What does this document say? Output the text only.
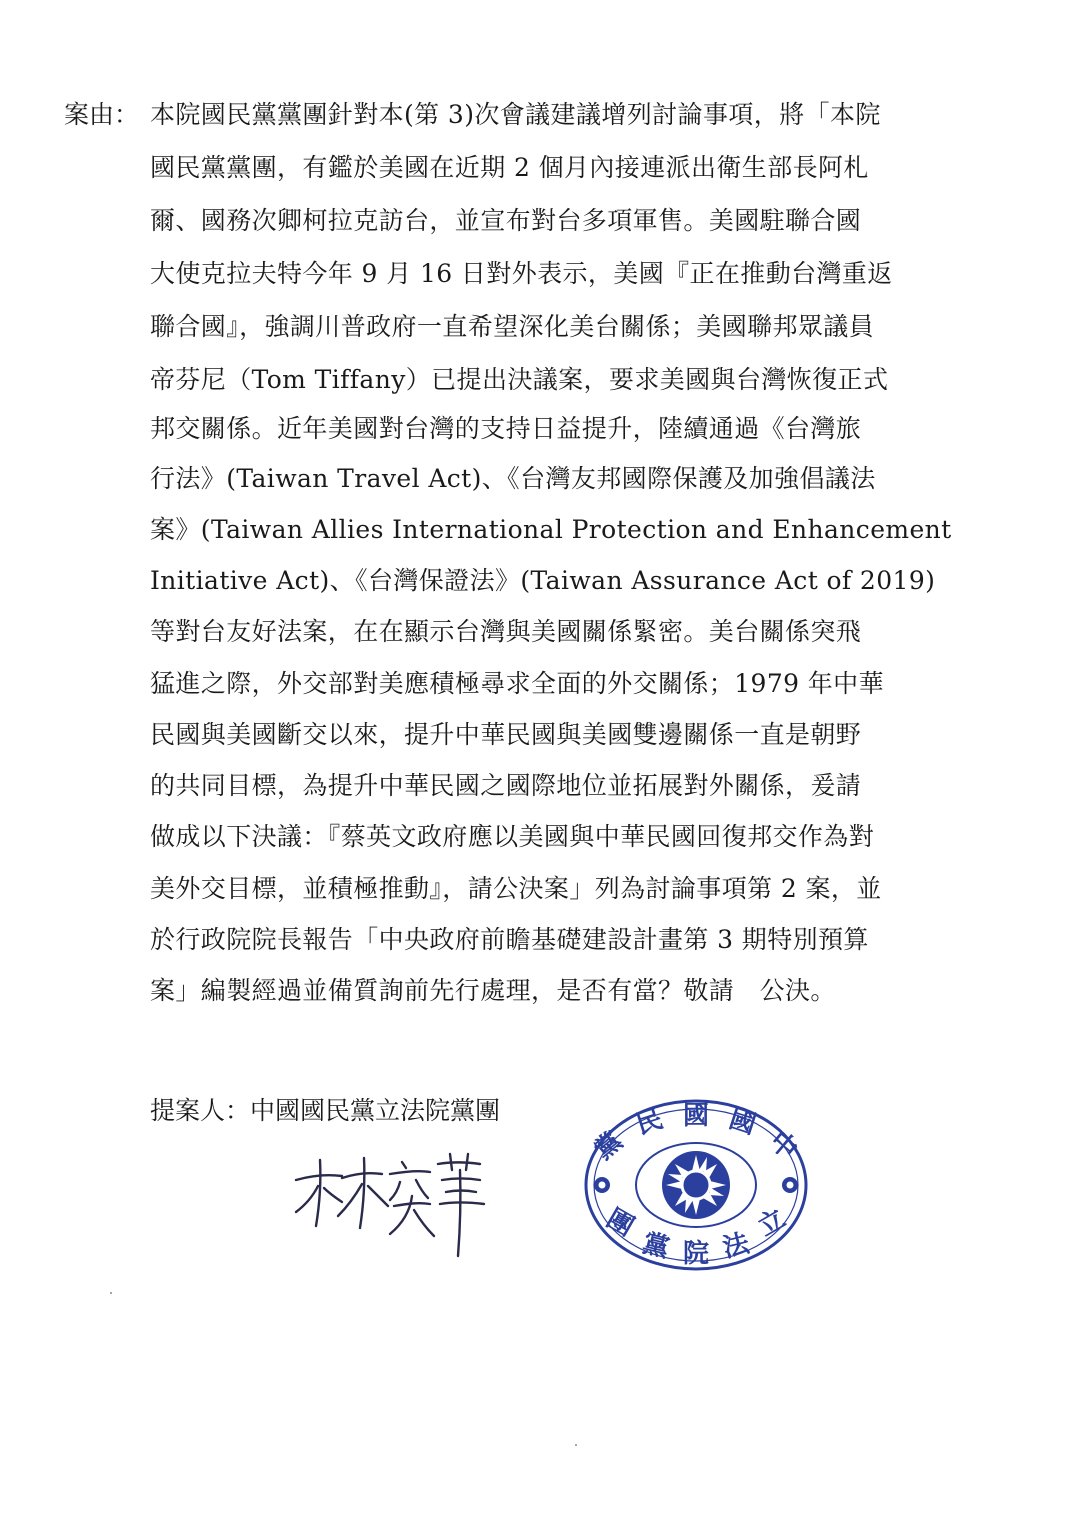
案由： 本院國民黨黨團針對本(第 3)次會議建議增列討論事項，將「本院
國民黨黨團，有鑑於美國在近期 2 個月內接連派出衛生部長阿札
爾、國務次卿柯拉克訪台，並宣布對台多項軍售。美國駐聯合國
大使克拉夫特今年 9 月 16 日對外表示，美國『正在推動台灣重返
聯合國』，強調川普政府一直希望深化美台關係；美國聯邦眾議員
帝芬尼（Tom Tiffany）已提出決議案，要求美國與台灣恢復正式
邦交關係。近年美國對台灣的支持日益提升，陸續通過《台灣旅
行法》(Taiwan Travel Act)、《台灣友邦國際保護及加強倡議法
案》(Taiwan Allies International Protection and Enhancement
Initiative Act)、《台灣保證法》(Taiwan Assurance Act of 2019)
等對台友好法案，在在顯示台灣與美國關係緊密。美台關係突飛
猛進之際，外交部對美應積極尋求全面的外交關係；1979 年中華
民國與美國斷交以來，提升中華民國與美國雙邊關係一直是朝野
的共同目標，為提升中華民國之國際地位並拓展對外關係，爰請
做成以下決議：『蔡英文政府應以美國與中華民國回復邦交作為對
美外交目標，並積極推動』，請公決案」列為討論事項第 2 案，並
於行政院院長報告「中央政府前瞻基礎建設計畫第 3 期特別預算
案」編製經過並備質詢前先行處理，是否有當？敬請　公決。
提案人：中國國民黨立法院黨團
黨
民 國 國
中
團
黨 院 法
立
